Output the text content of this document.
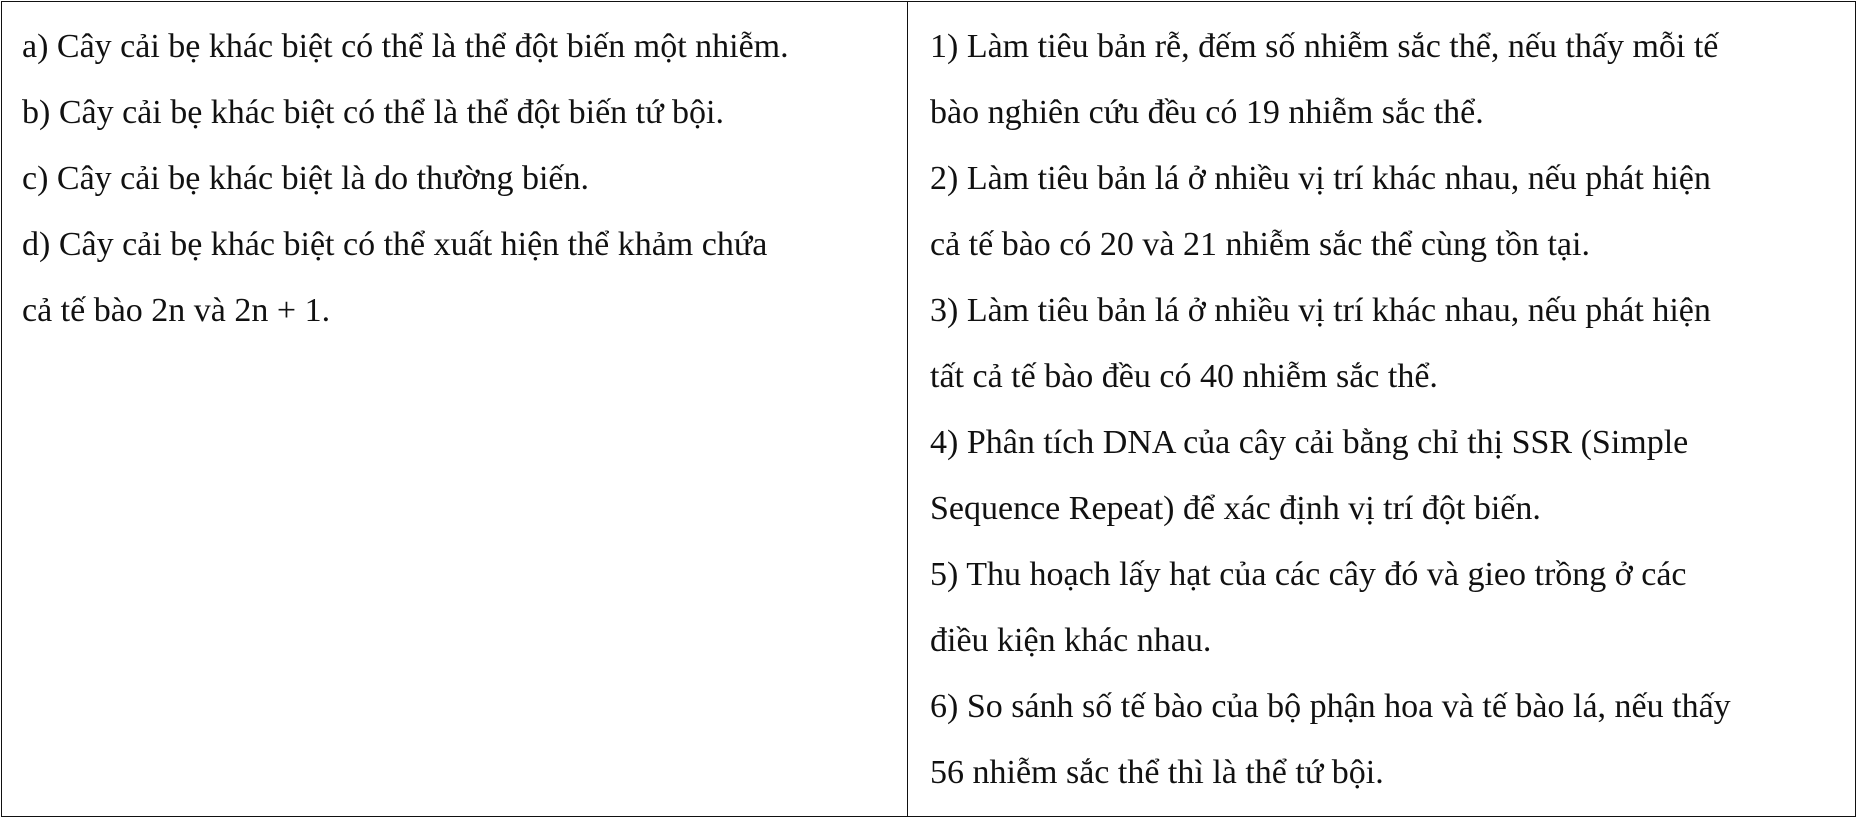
a) Cây cải bẹ khác biệt có thể là thể đột biến một nhiễm.
b) Cây cải bẹ khác biệt có thể là thể đột biến tứ bội.
c) Cây cải bẹ khác biệt là do thường biến.
d) Cây cải bẹ khác biệt có thể xuất hiện thể khảm chứa
cả tế bào 2n và 2n + 1.
1) Làm tiêu bản rễ, đếm số nhiễm sắc thể, nếu thấy mỗi tế
bào nghiên cứu đều có 19 nhiễm sắc thể.
2) Làm tiêu bản lá ở nhiều vị trí khác nhau, nếu phát hiện
cả tế bào có 20 và 21 nhiễm sắc thể cùng tồn tại.
3) Làm tiêu bản lá ở nhiều vị trí khác nhau, nếu phát hiện
tất cả tế bào đều có 40 nhiễm sắc thể.
4) Phân tích DNA của cây cải bằng chỉ thị SSR (Simple
Sequence Repeat) để xác định vị trí đột biến.
5) Thu hoạch lấy hạt của các cây đó và gieo trồng ở các
điều kiện khác nhau.
6) So sánh số tế bào của bộ phận hoa và tế bào lá, nếu thấy
56 nhiễm sắc thể thì là thể tứ bội.
